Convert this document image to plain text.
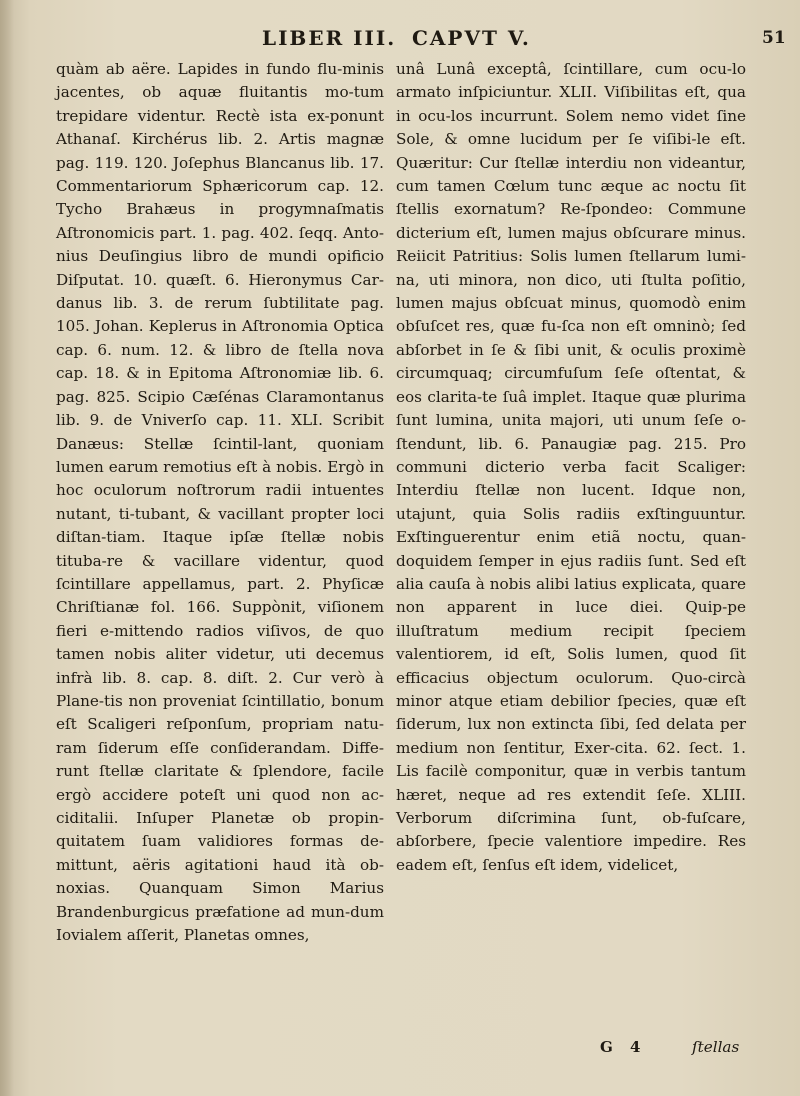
LIBER III. CAPVT V.	51

quàm ab aëre. Lapides in fundo flu-minis jacentes, ob aquæ fluitantis mo-tum trepidare videntur. Rectè ista ex-ponunt Athanaſ. Kirchérus lib. 2. Artis magnæ pag. 119. 120. Joſephus Blancanus lib. 17. Commentariorum Sphæricorum cap. 12. Tycho Brahæus in progymnaſmatis Aſtronomicis part. 1. pag. 402. ſeqq. Anto-nius Deuſingius libro de mundi opificio Diſputat. 10. quæſt. 6. Hieronymus Car-danus lib. 3. de rerum ſubtilitate pag. 105. Johan. Keplerus in Aſtronomia Optica cap. 6. num. 12. & libro de ſtella nova cap. 18. & in Epitoma Aſtronomiæ lib. 6. pag. 825. Scipio Cæſénas Claramontanus lib. 9. de Vniverſo cap. 11. XLI. Scribit Danæus: Stellæ ſcintil-lant, quoniam lumen earum remotius eſt à nobis. Ergò in hoc oculorum noſtrorum radii intuentes nutant, ti-tubant, & vacillant propter loci diſtan-tiam. Itaque ipſæ ſtellæ nobis tituba-re & vacillare videntur, quod ſcintillare appellamus, part. 2. Phyſicæ Chriſtianæ fol. 166. Suppònit, viſionem fieri e-mittendo radios viſivos, de quo tamen nobis aliter videtur, uti decemus infrà lib. 8. cap. 8. diſt. 2. Cur verò à Plane-tis non proveniat ſcintillatio, bonum eſt Scaligeri reſponſum, propriam natu-ram ſiderum eſſe conſiderandam. Diffe-runt ſtellæ claritate & ſplendore, facile ergò accidere poteſt uni quod non ac-ciditalii. Inſuper Planetæ ob propin-quitatem ſuam validiores formas de-mittunt, aëris agitationi haud ità ob-noxias. Quanquam Simon Marius Brandenburgicus præfatione ad mun-dum Iovialem aſſerit, Planetas omnes,

unâ Lunâ exceptâ, ſcintillare, cum ocu-lo armato inſpiciuntur. XLII. Viſibilitas eſt, qua in ocu-los incurrunt. Solem nemo videt ſine Sole, & omne lucidum per ſe viſibi-le eſt. Quæritur: Cur ſtellæ interdiu non videantur, cum tamen Cœlum tunc æque ac noctu ſit ſtellis exornatum? Re-ſpondeo: Commune dicterium eſt, lumen majus obſcurare minus. Reiicit Patritius: Solis lumen ſtellarum lumi-na, uti minora, non dico, uti ſtulta poſitio, lumen majus obſcuat minus, quomodò enim obſuſcet res, quæ fu-ſca non eſt omninò; ſed abſorbet in ſe & ſibi unit, & oculis proximè circumquaq; circumfuſum ſeſe oſtentat, & eos clarita-te ſuâ implet. Itaque quæ plurima ſunt lumina, unita majori, uti unum ſeſe o-ſtendunt, lib. 6. Panaugiæ pag. 215. Pro communi dicterio verba facit Scaliger: Interdiu ſtellæ non lucent. Idque non, utajunt, quia Solis radiis exſtinguuntur. Exſtinguerentur enim etiã noctu, quan-doquidem ſemper in ejus radiis ſunt. Sed eſt alia cauſa à nobis alibi latius explicata, quare non apparent in luce diei. Quip-pe illuſtratum medium recipit ſpeciem valentiorem, id eſt, Solis lumen, quod ſit efficacius objectum oculorum. Quo-circà minor atque etiam debilior ſpecies, quæ eſt ſiderum, lux non extincta ſibi, ſed delata per medium non ſentitur, Exer-cita. 62. ſect. 1. Lis facilè componitur, quæ in verbis tantum hæret, neque ad res extendit ſeſe. XLIII. Verborum diſcrimina ſunt, ob-fuſcare, abſorbere, ſpecie valentiore impedire. Res eadem eſt, ſenſus eſt idem, videlicet,

G 4	ſtellas
